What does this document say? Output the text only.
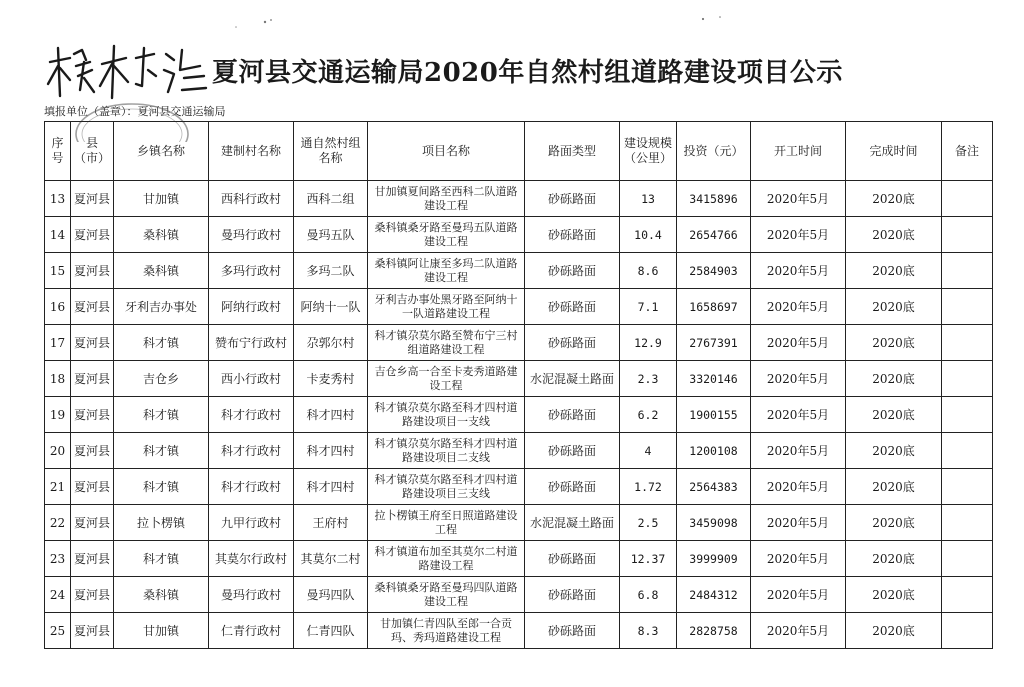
夏河县交通运输局2020年自然村组道路建设项目公示
填报单位（盖章）：夏河县交通运输局
序号	县（市）	乡镇名称	建制村名称	通自然村组名称	项目名称	路面类型	建设规模（公里）	投资（元）	开工时间	完成时间	备注
13	夏河县	甘加镇	西科行政村	西科二组	甘加镇夏间路至西科二队道路建设工程	砂砾路面	13	3415896	2020年5月	2020底	
14	夏河县	桑科镇	曼玛行政村	曼玛五队	桑科镇桑牙路至曼玛五队道路建设工程	砂砾路面	10.4	2654766	2020年5月	2020底	
15	夏河县	桑科镇	多玛行政村	多玛二队	桑科镇阿让康至多玛二队道路建设工程	砂砾路面	8.6	2584903	2020年5月	2020底	
16	夏河县	牙利吉办事处	阿纳行政村	阿纳十一队	牙利吉办事处黑牙路至阿纳十一队道路建设工程	砂砾路面	7.1	1658697	2020年5月	2020底	
17	夏河县	科才镇	赞布宁行政村	尕郭尔村	科才镇尕莫尔路至赞布宁三村组道路建设工程	砂砾路面	12.9	2767391	2020年5月	2020底	
18	夏河县	吉仓乡	西小行政村	卡麦秀村	吉仓乡高一合至卡麦秀道路建设工程	水泥混凝土路面	2.3	3320146	2020年5月	2020底	
19	夏河县	科才镇	科才行政村	科才四村	科才镇尕莫尔路至科才四村道路建设项目一支线	砂砾路面	6.2	1900155	2020年5月	2020底	
20	夏河县	科才镇	科才行政村	科才四村	科才镇尕莫尔路至科才四村道路建设项目二支线	砂砾路面	4	1200108	2020年5月	2020底	
21	夏河县	科才镇	科才行政村	科才四村	科才镇尕莫尔路至科才四村道路建设项目三支线	砂砾路面	1.72	2564383	2020年5月	2020底	
22	夏河县	拉卜楞镇	九甲行政村	王府村	拉卜楞镇王府至日照道路建设工程	水泥混凝土路面	2.5	3459098	2020年5月	2020底	
23	夏河县	科才镇	其莫尔行政村	其莫尔二村	科才镇道布加至其莫尔二村道路建设工程	砂砾路面	12.37	3999909	2020年5月	2020底	
24	夏河县	桑科镇	曼玛行政村	曼玛四队	桑科镇桑牙路至曼玛四队道路建设工程	砂砾路面	6.8	2484312	2020年5月	2020底	
25	夏河县	甘加镇	仁青行政村	仁青四队	甘加镇仁青四队至郎一合贡玛、秀玛道路建设工程	砂砾路面	8.3	2828758	2020年5月	2020底	
